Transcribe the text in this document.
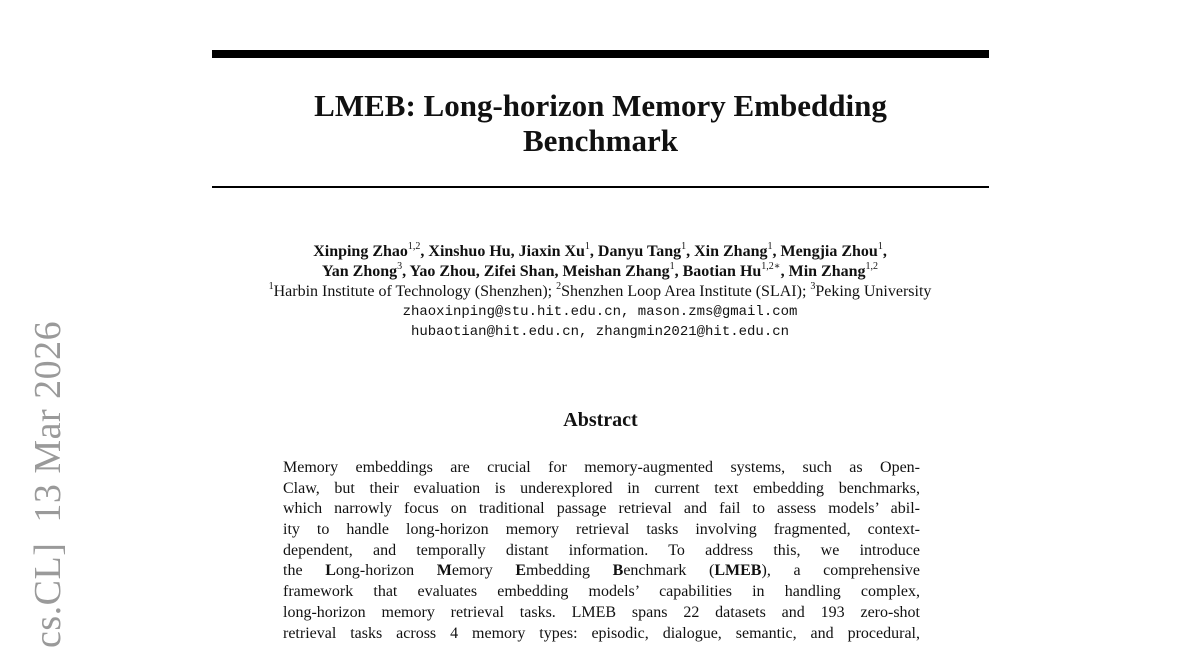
LMEB: Long-horizon Memory Embedding
Benchmark
Xinping Zhao$^{1,2}$, Xinshuo Hu, Jiaxin Xu$^1$, Danyu Tang$^1$, Xin Zhang$^1$, Mengjia Zhou$^1$,
Yan Zhong$^3$, Yao Zhou, Zifei Shan, Meishan Zhang$^1$, Baotian $Hu^{1,2∗}$, Min Zhang$^{1,2}$
$^1$Harbin Institute of Technology (Shenzhen); $^2$Shenzhen Loop Area Institute (SLAI); $^3$Peking University
zhaoxinping@stu.hit.edu.cn, mason.zms@gmail.com
hubaotian@hit.edu.cn, zhangmin2021@hit.edu.cn
Abstract
Memory embeddings are crucial for memory-augmented systems, such as Open-
Claw, but their evaluation is underexplored in current text embedding benchmarks,
which narrowly focus on traditional passage retrieval and fail to assess models’ abil-
ity to handle long-horizon memory retrieval tasks involving fragmented, context-
dependent, and temporally distant information. To address this, we introduce
the Long-horizon Memory Embedding Benchmark (LMEB), a comprehensive
framework that evaluates embedding models’ capabilities in handling complex,
long-horizon memory retrieval tasks. LMEB spans 22 datasets and 193 zero-shot
retrieval tasks across 4 memory types: episodic, dialogue, semantic, and procedural,
cs.CL]  13 Mar 2026
